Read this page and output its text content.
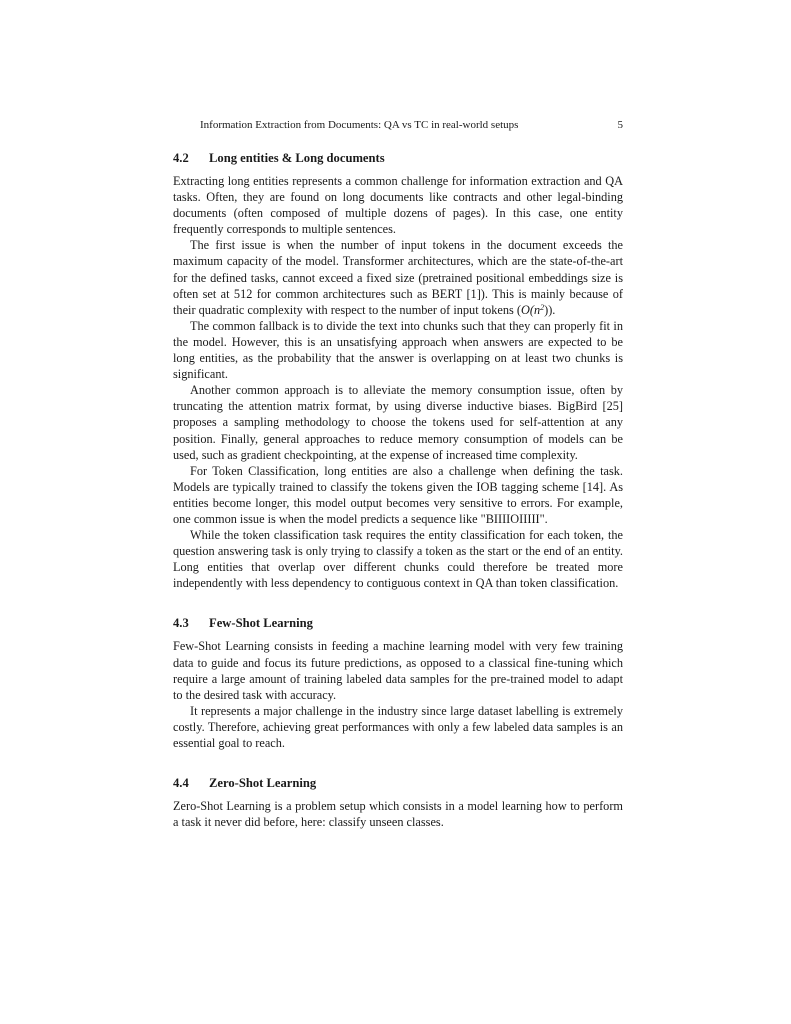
Information Extraction from Documents: QA vs TC in real-world setups	5
4.2	Long entities & Long documents

Extracting long entities represents a common challenge for information extraction and QA tasks. Often, they are found on long documents like contracts and other legal-binding documents (often composed of multiple dozens of pages). In this case, one entity frequently corresponds to multiple sentences.

The first issue is when the number of input tokens in the document exceeds the maximum capacity of the model. Transformer architectures, which are the state-of-the-art for the defined tasks, cannot exceed a fixed size (pretrained positional embeddings size is often set at 512 for common architectures such as BERT [1]). This is mainly because of their quadratic complexity with respect to the number of input tokens $(O(n^2))$.

The common fallback is to divide the text into chunks such that they can properly fit in the model. However, this is an unsatisfying approach when answers are expected to be long entities, as the probability that the answer is overlapping on at least two chunks is significant.

Another common approach is to alleviate the memory consumption issue, often by truncating the attention matrix format, by using diverse inductive biases. BigBird [25] proposes a sampling methodology to choose the tokens used for self-attention at any position. Finally, general approaches to reduce memory consumption of models can be used, such as gradient checkpointing, at the expense of increased time complexity.

For Token Classification, long entities are also a challenge when defining the task. Models are typically trained to classify the tokens given the IOB tagging scheme [14]. As entities become longer, this model output becomes very sensitive to errors. For example, one common issue is when the model predicts a sequence like "BIIIIOIIIII".

While the token classification task requires the entity classification for each token, the question answering task is only trying to classify a token as the start or the end of an entity. Long entities that overlap over different chunks could therefore be treated more independently with less dependency to contiguous context in QA than token classification.

4.3	Few-Shot Learning

Few-Shot Learning consists in feeding a machine learning model with very few training data to guide and focus its future predictions, as opposed to a classical fine-tuning which require a large amount of training labeled data samples for the pre-trained model to adapt to the desired task with accuracy.

It represents a major challenge in the industry since large dataset labelling is extremely costly. Therefore, achieving great performances with only a few labeled data samples is an essential goal to reach.

4.4	Zero-Shot Learning

Zero-Shot Learning is a problem setup which consists in a model learning how to perform a task it never did before, here: classify unseen classes.
